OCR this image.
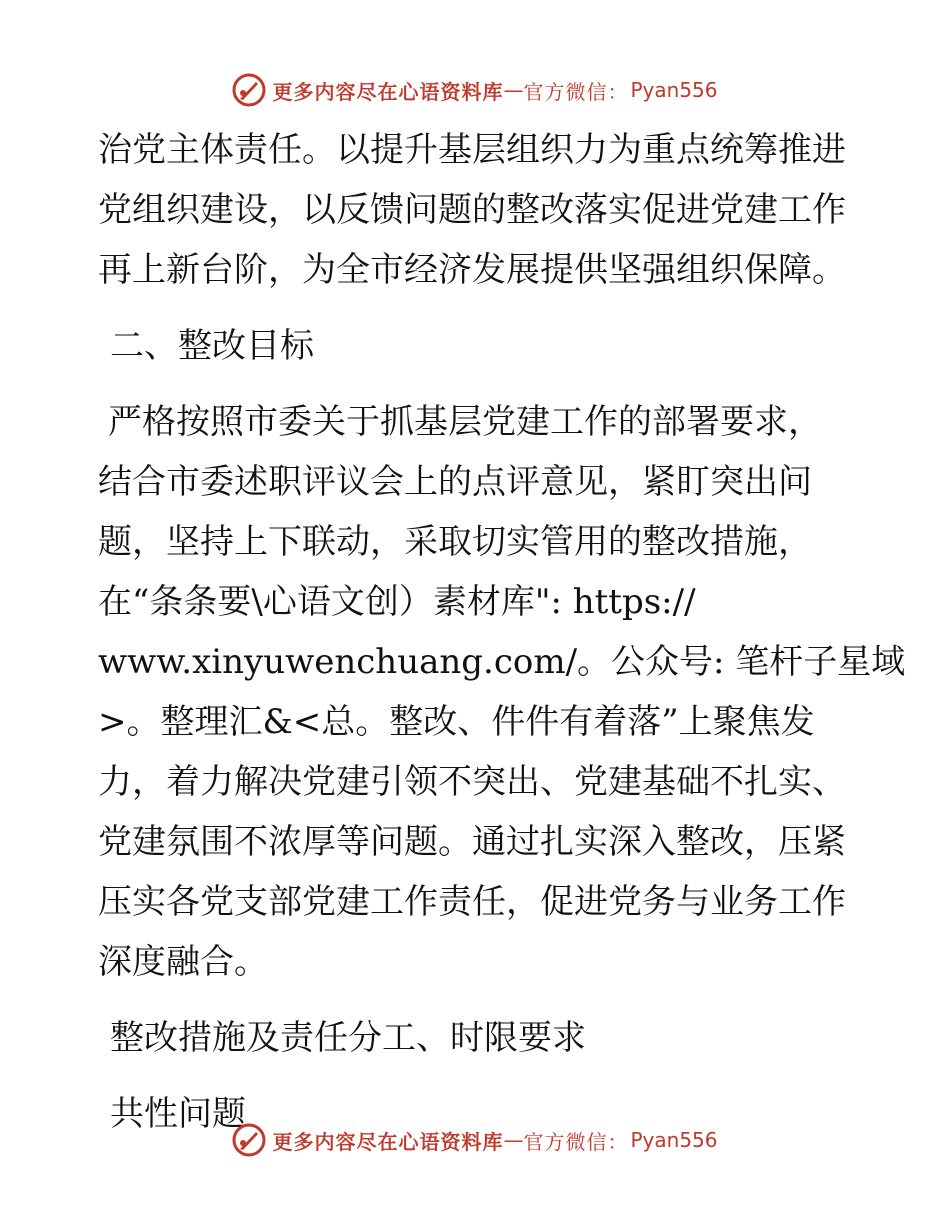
更多内容尽在心语资料库 — 官方微信： Pyan556
治党主体责任。以提升基层组织力为重点统筹推进
党组织建设，以反馈问题的整改落实促进党建工作
再上新台阶，为全市经济发展提供坚强组织保障。
二、整改目标
严格按照市委关于抓基层党建工作的部署要求，
结合市委述职评议会上的点评意见，紧盯突出问
题，坚持上下联动，采取切实管用的整改措施，
在“条条要\心语文创）素材库": https://
www.xinyuwenchuang.com/。公众号: 笔杆子星域
>。整理汇&<总。整改、件件有着落”上聚焦发
力，着力解决党建引领不突出、党建基础不扎实、
党建氛围不浓厚等问题。通过扎实深入整改，压紧
压实各党支部党建工作责任，促进党务与业务工作
深度融合。
整改措施及责任分工、时限要求
共性问题
更多内容尽在心语资料库 — 官方微信： Pyan556
